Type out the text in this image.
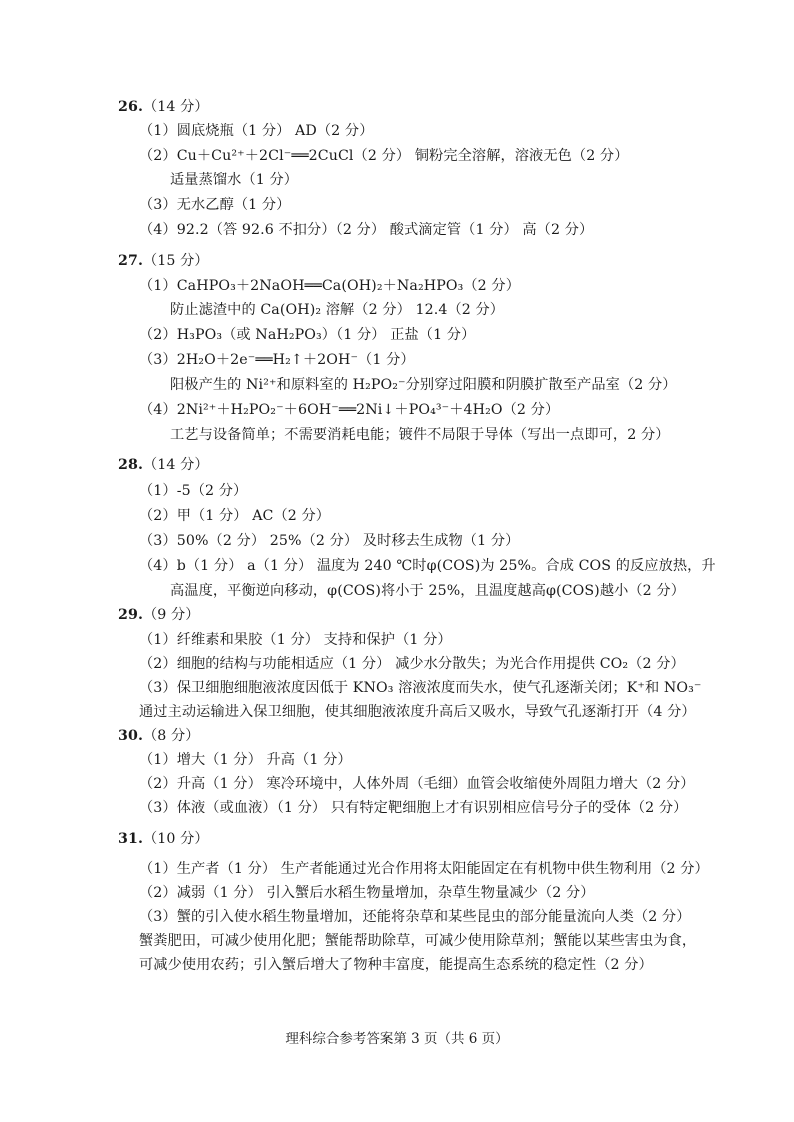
26.（14 分）
（1）圆底烧瓶（1 分） AD（2 分）
（2）Cu＋Cu²⁺＋2Cl⁻══2CuCl（2 分） 铜粉完全溶解，溶液无色（2 分）
适量蒸馏水（1 分）
（3）无水乙醇（1 分）
（4）92.2（答 92.6 不扣分）（2 分） 酸式滴定管（1 分） 高（2 分）
27.（15 分）
（1）CaHPO₃＋2NaOH══Ca(OH)₂＋Na₂HPO₃（2 分）
防止滤渣中的 Ca(OH)₂ 溶解（2 分） 12.4（2 分）
（2）H₃PO₃（或 NaH₂PO₃）（1 分） 正盐（1 分）
（3）2H₂O＋2e⁻══H₂↑＋2OH⁻（1 分）
阳极产生的 Ni²⁺和原料室的 H₂PO₂⁻分别穿过阳膜和阴膜扩散至产品室（2 分）
（4）2Ni²⁺＋H₂PO₂⁻＋6OH⁻══2Ni↓＋PO₄³⁻＋4H₂O（2 分）
工艺与设备简单；不需要消耗电能；镀件不局限于导体（写出一点即可，2 分）
28.（14 分）
（1）-5（2 分）
（2）甲（1 分） AC（2 分）
（3）50%（2 分） 25%（2 分） 及时移去生成物（1 分）
（4）b（1 分） a（1 分） 温度为 240 ℃时φ(COS)为 25%。合成 COS 的反应放热，升
高温度，平衡逆向移动，φ(COS)将小于 25%，且温度越高φ(COS)越小（2 分）
29.（9 分）
（1）纤维素和果胶（1 分） 支持和保护（1 分）
（2）细胞的结构与功能相适应（1 分） 减少水分散失；为光合作用提供 CO₂（2 分）
（3）保卫细胞细胞液浓度因低于 KNO₃ 溶液浓度而失水，使气孔逐渐关闭；K⁺和 NO₃⁻
通过主动运输进入保卫细胞，使其细胞液浓度升高后又吸水，导致气孔逐渐打开（4 分）
30.（8 分）
（1）增大（1 分） 升高（1 分）
（2）升高（1 分） 寒冷环境中，人体外周（毛细）血管会收缩使外周阻力增大（2 分）
（3）体液（或血液）（1 分） 只有特定靶细胞上才有识别相应信号分子的受体（2 分）
31.（10 分）
（1）生产者（1 分） 生产者能通过光合作用将太阳能固定在有机物中供生物利用（2 分）
（2）减弱（1 分） 引入蟹后水稻生物量增加，杂草生物量减少（2 分）
（3）蟹的引入使水稻生物量增加，还能将杂草和某些昆虫的部分能量流向人类（2 分）
蟹粪肥田，可减少使用化肥；蟹能帮助除草，可减少使用除草剂；蟹能以某些害虫为食，
可减少使用农药；引入蟹后增大了物种丰富度，能提高生态系统的稳定性（2 分）
理科综合参考答案第 3 页（共 6 页）
